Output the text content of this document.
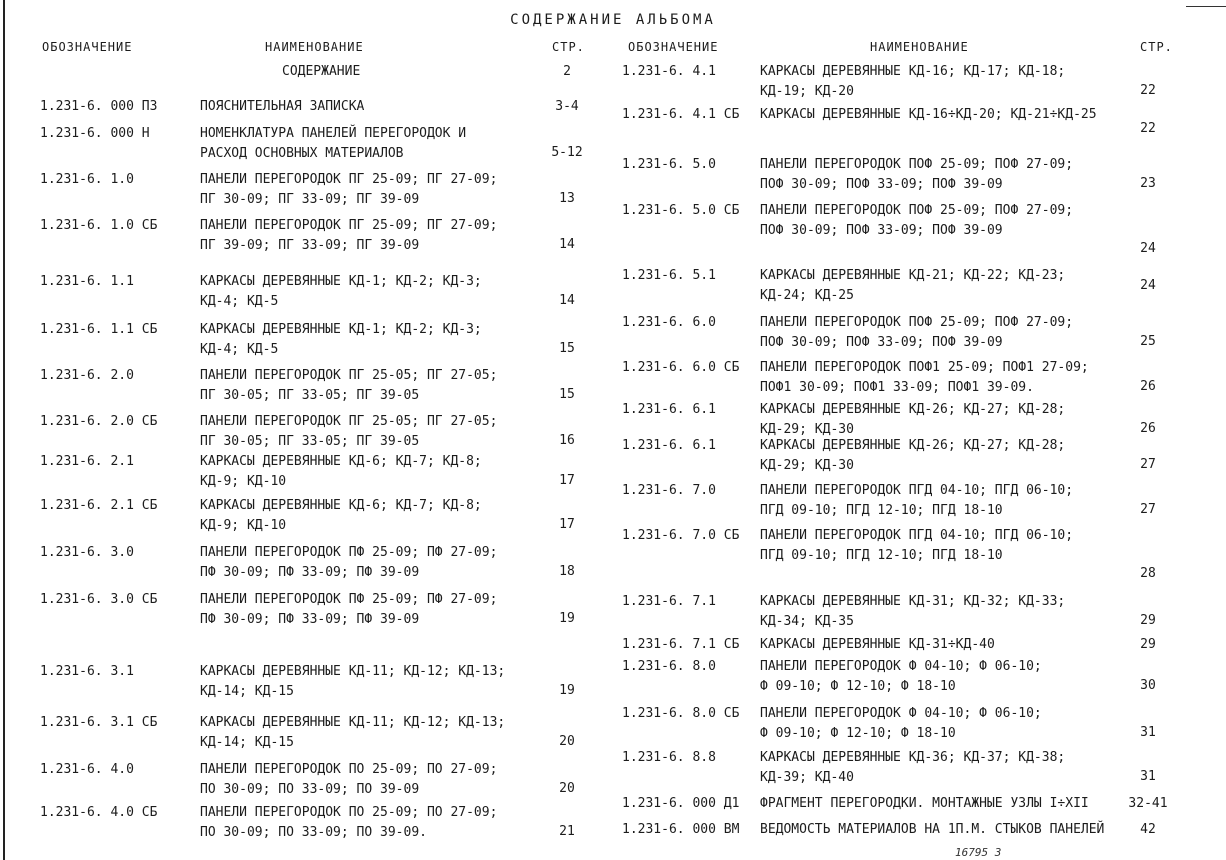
СОДЕРЖАНИЕ АЛЬБОМА
ОБОЗНАЧЕНИЕ	НАИМЕНОВАНИЕ	СТР.	ОБОЗНАЧЕНИЕ	НАИМЕНОВАНИЕ	СТР.
СОДЕРЖАНИЕ	2
1.231-6. 000 ПЗ	ПОЯСНИТЕЛЬНАЯ ЗАПИСКА	3-4
1.231-6. 000 Н	НОМЕНКЛАТУРА ПАНЕЛЕЙ ПЕРЕГОРОДОК И
РАСХОД ОСНОВНЫХ МАТЕРИАЛОВ	5-12
1.231-6. 1.0	ПАНЕЛИ ПЕРЕГОРОДОК ПГ 25-09; ПГ 27-09;
ПГ 30-09; ПГ 33-09; ПГ 39-09	13
1.231-6. 1.0 СБ	ПАНЕЛИ ПЕРЕГОРОДОК ПГ 25-09; ПГ 27-09;
ПГ 39-09; ПГ 33-09; ПГ 39-09	14
1.231-6. 1.1	КАРКАСЫ ДЕРЕВЯННЫЕ КД-1; КД-2; КД-3;
КД-4; КД-5	14
1.231-6. 1.1 СБ	КАРКАСЫ ДЕРЕВЯННЫЕ КД-1; КД-2; КД-3;
КД-4; КД-5	15
1.231-6. 2.0	ПАНЕЛИ ПЕРЕГОРОДОК ПГ 25-05; ПГ 27-05;
ПГ 30-05; ПГ 33-05; ПГ 39-05	15
1.231-6. 2.0 СБ	ПАНЕЛИ ПЕРЕГОРОДОК ПГ 25-05; ПГ 27-05;
ПГ 30-05; ПГ 33-05; ПГ 39-05	16
1.231-6. 2.1	КАРКАСЫ ДЕРЕВЯННЫЕ КД-6; КД-7; КД-8;
КД-9; КД-10	17
1.231-6. 2.1 СБ	КАРКАСЫ ДЕРЕВЯННЫЕ КД-6; КД-7; КД-8;
КД-9; КД-10	17
1.231-6. 3.0	ПАНЕЛИ ПЕРЕГОРОДОК ПФ 25-09; ПФ 27-09;
ПФ 30-09; ПФ 33-09; ПФ 39-09	18
1.231-6. 3.0 СБ	ПАНЕЛИ ПЕРЕГОРОДОК ПФ 25-09; ПФ 27-09;
ПФ 30-09; ПФ 33-09; ПФ 39-09	19
1.231-6. 3.1	КАРКАСЫ ДЕРЕВЯННЫЕ КД-11; КД-12; КД-13;
КД-14; КД-15	19
1.231-6. 3.1 СБ	КАРКАСЫ ДЕРЕВЯННЫЕ КД-11; КД-12; КД-13;
КД-14; КД-15	20
1.231-6. 4.0	ПАНЕЛИ ПЕРЕГОРОДОК ПО 25-09; ПО 27-09;
ПО 30-09; ПО 33-09; ПО 39-09	20
1.231-6. 4.0 СБ	ПАНЕЛИ ПЕРЕГОРОДОК ПО 25-09; ПО 27-09;
ПО 30-09; ПО 33-09; ПО 39-09.	21
1.231-6. 4.1	КАРКАСЫ ДЕРЕВЯННЫЕ КД-16; КД-17; КД-18;
КД-19; КД-20	22
1.231-6. 4.1 СБ КАРКАСЫ ДЕРЕВЯННЫЕ КД-16÷КД-20; КД-21÷КД-25
22
1.231-6. 5.0	ПАНЕЛИ ПЕРЕГОРОДОК ПОФ 25-09; ПОФ 27-09;
ПОФ 30-09; ПОФ 33-09; ПОФ 39-09	23
1.231-6. 5.0 СБ ПАНЕЛИ ПЕРЕГОРОДОК ПОФ 25-09; ПОФ 27-09;
ПОФ 30-09; ПОФ 33-09; ПОФ 39-09
24
1.231-6. 5.1	КАРКАСЫ ДЕРЕВЯННЫЕ КД-21; КД-22; КД-23;
КД-24; КД-25
24
1.231-6. 6.0	ПАНЕЛИ ПЕРЕГОРОДОК ПОФ 25-09; ПОФ 27-09;
ПОФ 30-09; ПОФ 33-09; ПОФ 39-09	25
1.231-6. 6.0 СБ ПАНЕЛИ ПЕРЕГОРОДОК ПОФ1 25-09; ПОФ1 27-09;
ПОФ1 30-09; ПОФ1 33-09; ПОФ1 39-09.	26
1.231-6. 6.1	КАРКАСЫ ДЕРЕВЯННЫЕ КД-26; КД-27; КД-28;
КД-29; КД-30	26
1.231-6. 6.1	КАРКАСЫ ДЕРЕВЯННЫЕ КД-26; КД-27; КД-28;
КД-29; КД-30	27
1.231-6. 7.0	ПАНЕЛИ ПЕРЕГОРОДОК ПГД 04-10; ПГД 06-10;
ПГД 09-10; ПГД 12-10; ПГД 18-10	27
1.231-6. 7.0 СБ ПАНЕЛИ ПЕРЕГОРОДОК ПГД 04-10; ПГД 06-10;
ПГД 09-10; ПГД 12-10; ПГД 18-10
28
1.231-6. 7.1	КАРКАСЫ ДЕРЕВЯННЫЕ КД-31; КД-32; КД-33;
КД-34; КД-35	29
1.231-6. 7.1 СБ КАРКАСЫ ДЕРЕВЯННЫЕ КД-31÷КД-40	29
1.231-6. 8.0	ПАНЕЛИ ПЕРЕГОРОДОК Ф 04-10; Ф 06-10;
Ф 09-10; Ф 12-10; Ф 18-10	30
1.231-6. 8.0 СБ ПАНЕЛИ ПЕРЕГОРОДОК Ф 04-10; Ф 06-10;
Ф 09-10; Ф 12-10; Ф 18-10	31
1.231-6. 8.8	КАРКАСЫ ДЕРЕВЯННЫЕ КД-36; КД-37; КД-38;
КД-39; КД-40	31
1.231-6. 000 Д1 ФРАГМЕНТ ПЕРЕГОРОДКИ. МОНТАЖНЫЕ УЗЛЫ I÷XII	32-41
1.231-6. 000 ВМ ВЕДОМОСТЬ МАТЕРИАЛОВ НА 1П.М. СТЫКОВ ПАНЕЛЕЙ	42
16795 3
